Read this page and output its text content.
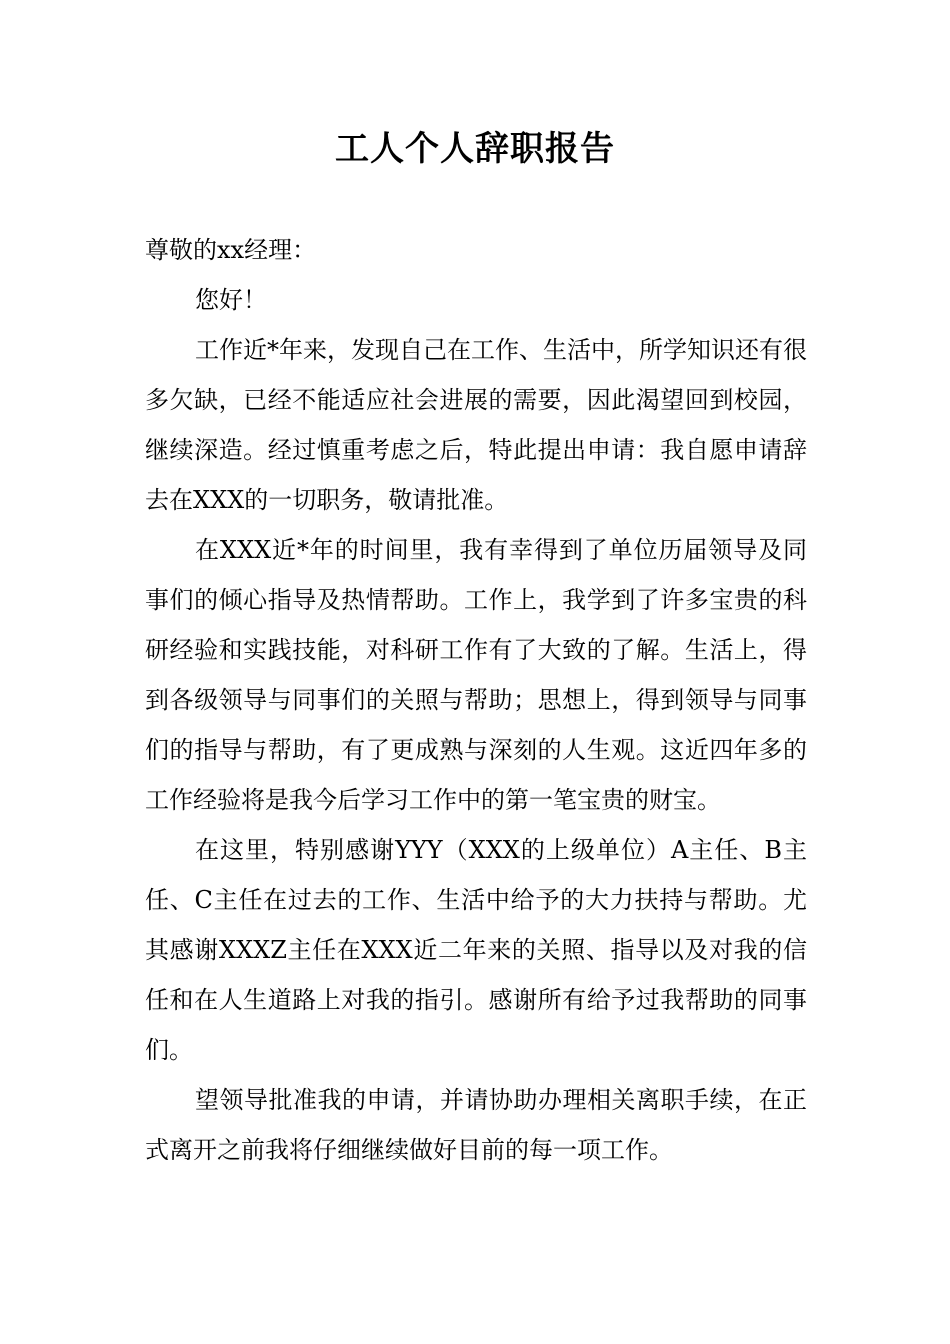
工人个人辞职报告

尊敬的xx经理：

您好！

工作近*年来，发现自己在工作、生活中，所学知识还有很多欠缺，已经不能适应社会进展的需要，因此渴望回到校园，继续深造。经过慎重考虑之后，特此提出申请：我自愿申请辞去在XXX的一切职务，敬请批准。

在XXX近*年的时间里，我有幸得到了单位历届领导及同事们的倾心指导及热情帮助。工作上，我学到了许多宝贵的科研经验和实践技能，对科研工作有了大致的了解。生活上，得到各级领导与同事们的关照与帮助；思想上，得到领导与同事们的指导与帮助，有了更成熟与深刻的人生观。这近四年多的工作经验将是我今后学习工作中的第一笔宝贵的财宝。

在这里，特别感谢YYY（XXX的上级单位）A主任、B主任、C主任在过去的工作、生活中给予的大力扶持与帮助。尤其感谢XXXZ主任在XXX近二年来的关照、指导以及对我的信任和在人生道路上对我的指引。感谢所有给予过我帮助的同事们。

望领导批准我的申请，并请协助办理相关离职手续，在正式离开之前我将仔细继续做好目前的每一项工作。
